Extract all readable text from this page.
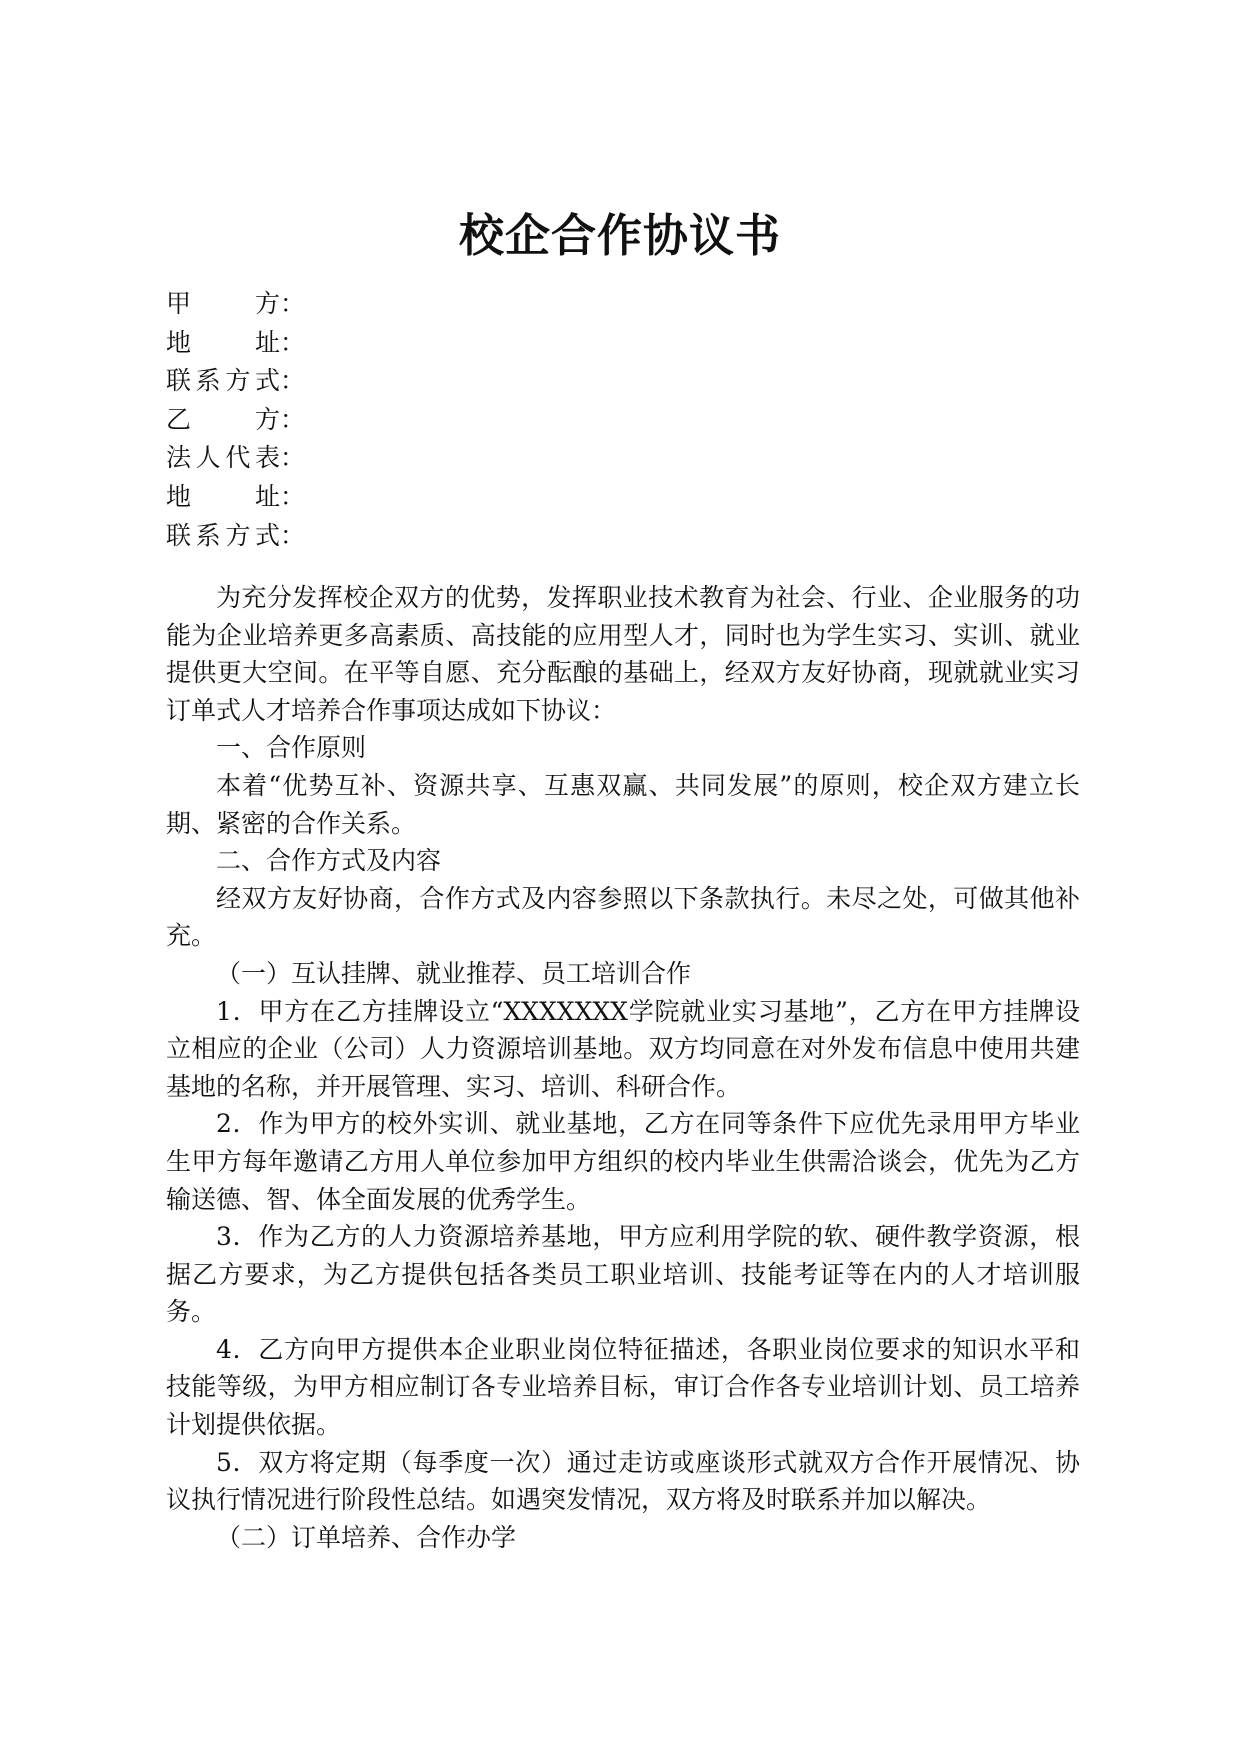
校企合作协议书
甲方：
地址：
联系方式：
乙方：
法人代表：
地址：
联系方式：

为充分发挥校企双方的优势，发挥职业技术教育为社会、行业、企业服务的功能为企业培养更多高素质、高技能的应用型人才，同时也为学生实习、实训、就业提供更大空间。在平等自愿、充分酝酿的基础上，经双方友好协商，现就就业实习订单式人才培养合作事项达成如下协议：

一、合作原则

本着“优势互补、资源共享、互惠双赢、共同发展”的原则，校企双方建立长期、紧密的合作关系。

二、合作方式及内容

经双方友好协商，合作方式及内容参照以下条款执行。未尽之处，可做其他补充。

（一）互认挂牌、就业推荐、员工培训合作

1．甲方在乙方挂牌设立“XXXXXXX学院就业实习基地”，乙方在甲方挂牌设立相应的企业（公司）人力资源培训基地。双方均同意在对外发布信息中使用共建基地的名称，并开展管理、实习、培训、科研合作。

2．作为甲方的校外实训、就业基地，乙方在同等条件下应优先录用甲方毕业生甲方每年邀请乙方用人单位参加甲方组织的校内毕业生供需洽谈会，优先为乙方输送德、智、体全面发展的优秀学生。

3．作为乙方的人力资源培养基地，甲方应利用学院的软、硬件教学资源，根据乙方要求，为乙方提供包括各类员工职业培训、技能考证等在内的人才培训服务。

4．乙方向甲方提供本企业职业岗位特征描述，各职业岗位要求的知识水平和技能等级，为甲方相应制订各专业培养目标，审订合作各专业培训计划、员工培养计划提供依据。

5．双方将定期（每季度一次）通过走访或座谈形式就双方合作开展情况、协议执行情况进行阶段性总结。如遇突发情况，双方将及时联系并加以解决。

（二）订单培养、合作办学
